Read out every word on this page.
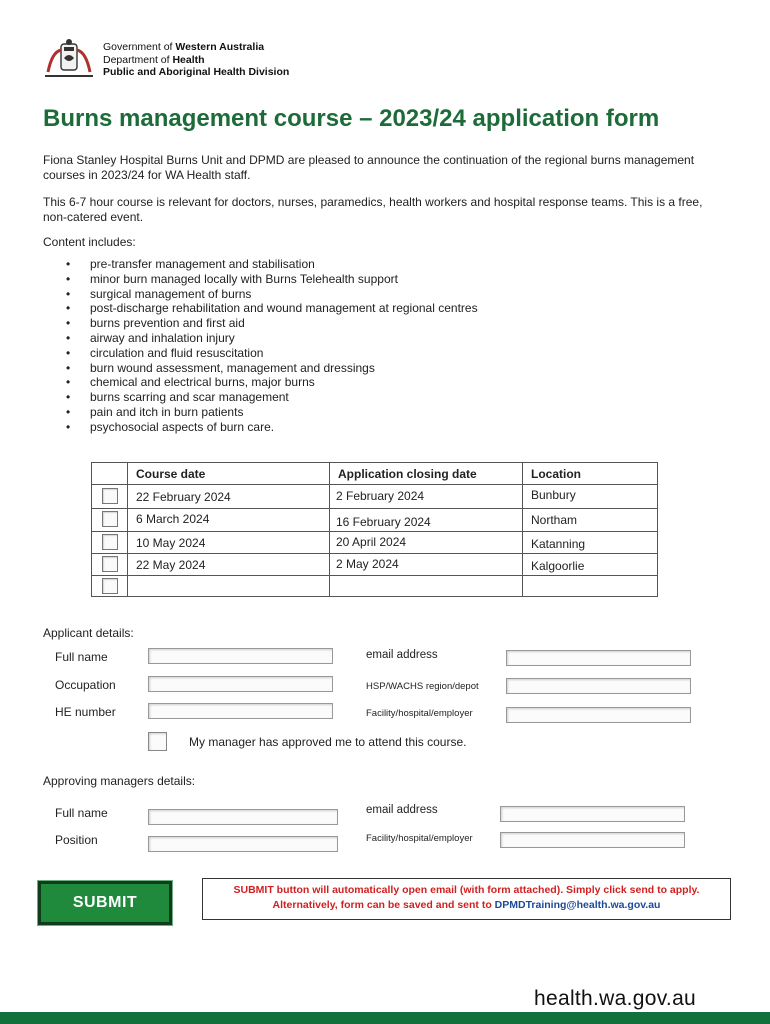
Government of Western Australia
Department of Health
Public and Aboriginal Health Division
Burns management course – 2023/24 application form

Fiona Stanley Hospital Burns Unit and DPMD are pleased to announce the continuation of the regional burns management courses in 2023/24 for WA Health staff.

This 6-7 hour course is relevant for doctors, nurses, paramedics, health workers and hospital response teams. This is a free, non-catered event.

Content includes:

• pre-transfer management and stabilisation
• minor burn managed locally with Burns Telehealth support
• surgical management of burns
• post-discharge rehabilitation and wound management at regional centres
• burns prevention and first aid
• airway and inhalation injury
• circulation and fluid resuscitation
• burn wound assessment, management and dressings
• chemical and electrical burns, major burns
• burns scarring and scar management
• pain and itch in burn patients
• psychosocial aspects of burn care.
Course date	Application closing date	Location
22 February 2024	2 February 2024	Bunbury
6 March 2024	16 February 2024	Northam
10 May 2024	20 April 2024	Katanning
22 May 2024	2 May 2024	Kalgoorlie
Applicant details:
Full name	email address
Occupation	HSP/WACHS region/depot
HE number	Facility/hospital/employer
My manager has approved me to attend this course.
Approving managers details:
Full name	email address
Position	Facility/hospital/employer
SUBMIT
SUBMIT button will automatically open email (with form attached). Simply click send to apply. Alternatively, form can be saved and sent to DPMDTraining@health.wa.gov.au
health.wa.gov.au
